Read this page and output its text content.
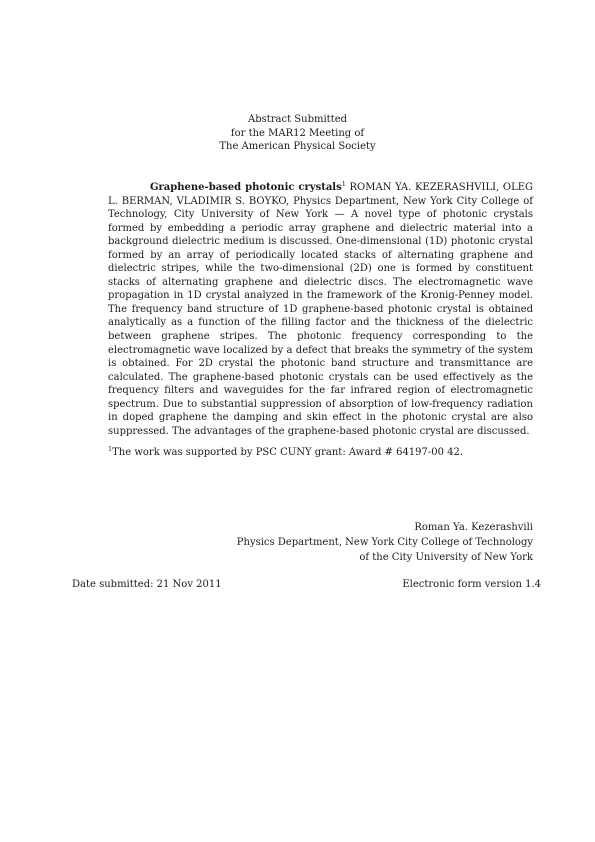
Abstract Submitted
for the MAR12 Meeting of
The American Physical Society
Graphene-based photonic crystals$^1$ ROMAN YA. KEZERASHVILI, OLEG L. BERMAN, VLADIMIR S. BOYKO, Physics Department, New York City College of Technology, City University of New York — A novel type of photonic crystals formed by embedding a periodic array graphene and dielectric material into a background dielectric medium is discussed. One-dimensional (1D) photonic crystal formed by an array of periodically located stacks of alternating graphene and dielectric stripes, while the two-dimensional (2D) one is formed by constituent stacks of alternating graphene and dielectric discs. The electromagnetic wave propagation in 1D crystal analyzed in the framework of the Kronig-Penney model. The frequency band structure of 1D graphene-based photonic crystal is obtained analytically as a function of the filling factor and the thickness of the dielectric between graphene stripes. The photonic frequency corresponding to the electromagnetic wave localized by a defect that breaks the symmetry of the system is obtained. For 2D crystal the photonic band structure and transmittance are calculated. The graphene-based photonic crystals can be used effectively as the frequency filters and waveguides for the far infrared region of electromagnetic spectrum. Due to substantial suppression of absorption of low-frequency radiation in doped graphene the damping and skin effect in the photonic crystal are also suppressed. The advantages of the graphene-based photonic crystal are discussed.
$^1$The work was supported by PSC CUNY grant: Award # 64197-00 42.
Roman Ya. Kezerashvili
Physics Department, New York City College of Technology
of the City University of New York
Date submitted: 21 Nov 2011	Electronic form version 1.4
